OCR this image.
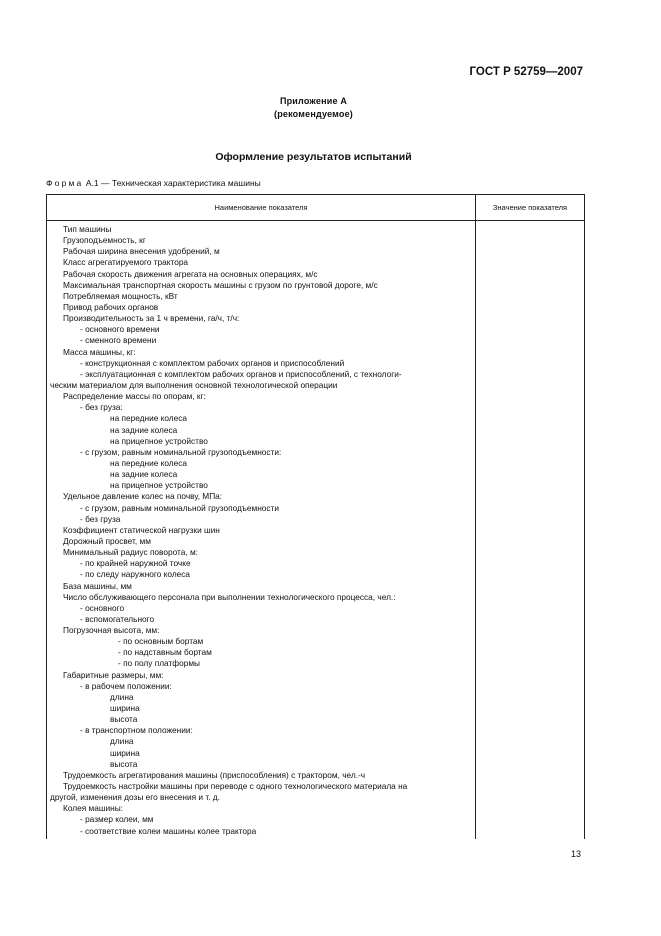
ГОСТ Р 52759—2007
Приложение А
(рекомендуемое)
Оформление результатов испытаний
Форма А.1 — Техническая характеристика машины
Наименование показателя	Значение показателя
Тип машины
Грузоподъемность, кг
Рабочая ширина внесения удобрений, м
Класс агрегатируемого трактора
Рабочая скорость движения агрегата на основных операциях, м/с
Максимальная транспортная скорость машины с грузом по грунтовой дороге, м/с
Потребляемая мощность, кВт
Привод рабочих органов
Производительность за 1 ч времени, га/ч, т/ч:
- основного времени
- сменного времени
Масса машины, кг:
- конструкционная с комплектом рабочих органов и приспособлений
- эксплуатационная с комплектом рабочих органов и приспособлений, с технологи-
ческим материалом для выполнения основной технологической операции
Распределение массы по опорам, кг:
- без груза:
на передние колеса
на задние колеса
на прицепное устройство
- с грузом, равным номинальной грузоподъемности:
на передние колеса
на задние колеса
на прицепное устройство
Удельное давление колес на почву, МПа:
- с грузом, равным номинальной грузоподъемности
- без груза
Коэффициент статической нагрузки шин
Дорожный просвет, мм
Минимальный радиус поворота, м:
- по крайней наружной точке
- по следу наружного колеса
База машины, мм
Число обслуживающего персонала при выполнении технологического процесса, чел.:
- основного
- вспомогательного
Погрузочная высота, мм:
- по основным бортам
- по надставным бортам
- по полу платформы
Габаритные размеры, мм:
- в рабочем положении:
длина
ширина
высота
- в транспортном положении:
длина
ширина
высота
Трудоемкость агрегатирования машины (приспособления) с трактором, чел.-ч
Трудоемкость настройки машины при переводе с одного технологического материала на
другой, изменения дозы его внесения и т. д.
Колея машины:
- размер колеи, мм
- соответствие колеи машины колее трактора
13
